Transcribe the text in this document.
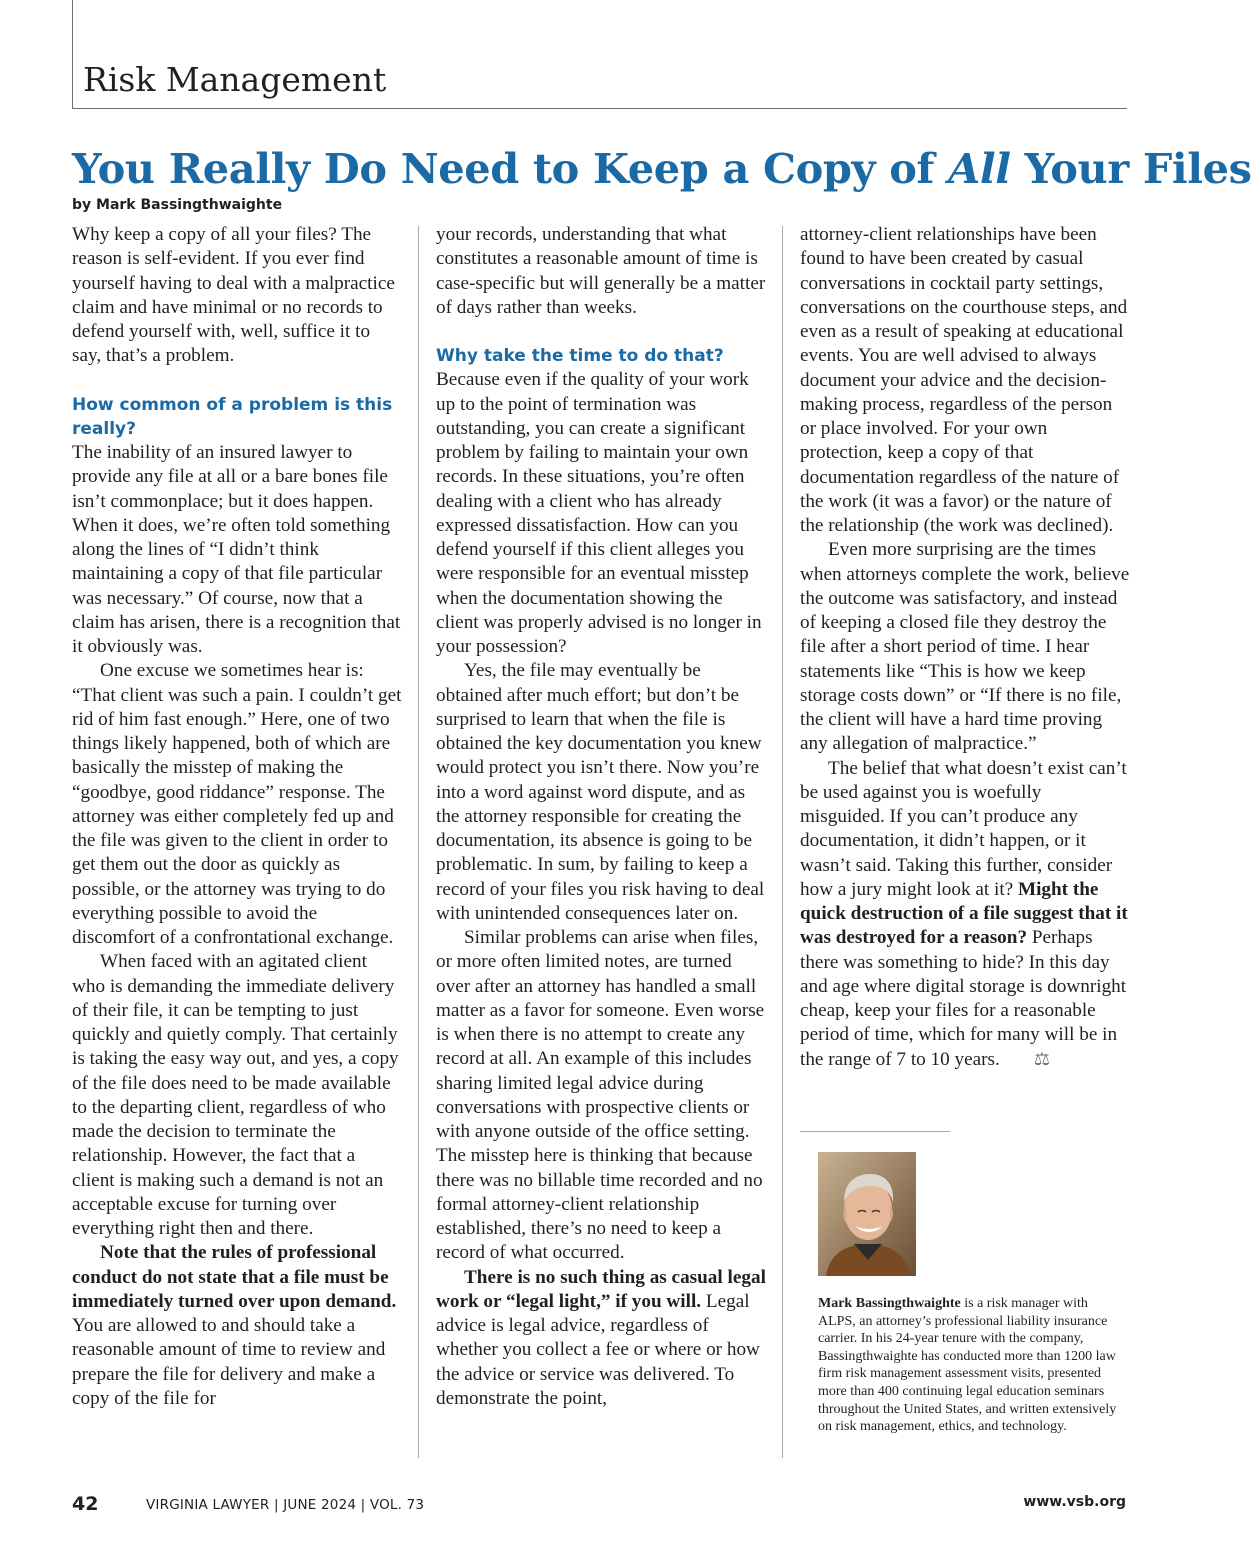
Risk Management
You Really Do Need to Keep a Copy of All Your Files
by Mark Bassingthwaighte

Why keep a copy of all your files? The reason is self-evident. If you ever find yourself having to deal with a malpractice claim and have minimal or no records to defend yourself with, well, suffice it to say, that’s a problem.

How common of a problem is this really?

The inability of an insured lawyer to provide any file at all or a bare bones file isn’t commonplace; but it does happen. When it does, we’re often told something along the lines of “I didn’t think maintaining a copy of that file particular was necessary.” Of course, now that a claim has arisen, there is a recognition that it obviously was.

One excuse we sometimes hear is: “That client was such a pain. I couldn’t get rid of him fast enough.” Here, one of two things likely happened, both of which are basically the misstep of making the “goodbye, good riddance” response. The attorney was either completely fed up and the file was given to the client in order to get them out the door as quickly as possible, or the attorney was trying to do everything possible to avoid the discomfort of a confrontational exchange.

When faced with an agitated client who is demanding the immediate delivery of their file, it can be tempting to just quickly and quietly comply. That certainly is taking the easy way out, and yes, a copy of the file does need to be made available to the departing client, regardless of who made the decision to terminate the relationship. However, the fact that a client is making such a demand is not an acceptable excuse for turning over everything right then and there.

Note that the rules of professional conduct do not state that a file must be immediately turned over upon demand. You are allowed to and should take a reasonable amount of time to review and prepare the file for delivery and make a copy of the file for

your records, understanding that what constitutes a reasonable amount of time is case-specific but will generally be a matter of days rather than weeks.

Why take the time to do that?

Because even if the quality of your work up to the point of termination was outstanding, you can create a significant problem by failing to maintain your own records. In these situations, you’re often dealing with a client who has already expressed dissatisfaction. How can you defend yourself if this client alleges you were responsible for an eventual misstep when the documentation showing the client was properly advised is no longer in your possession?

Yes, the file may eventually be obtained after much effort; but don’t be surprised to learn that when the file is obtained the key documentation you knew would protect you isn’t there. Now you’re into a word against word dispute, and as the attorney responsible for creating the documentation, its absence is going to be problematic. In sum, by failing to keep a record of your files you risk having to deal with unintended consequences later on.

Similar problems can arise when files, or more often limited notes, are turned over after an attorney has handled a small matter as a favor for someone. Even worse is when there is no attempt to create any record at all. An example of this includes sharing limited legal advice during conversations with prospective clients or with anyone outside of the office setting. The misstep here is thinking that because there was no billable time recorded and no formal attorney-client relationship established, there’s no need to keep a record of what occurred.

There is no such thing as casual legal work or “legal light,” if you will. Legal advice is legal advice, regardless of whether you collect a fee or where or how the advice or service was delivered. To demonstrate the point,

attorney-client relationships have been found to have been created by casual conversations in cocktail party settings, conversations on the courthouse steps, and even as a result of speaking at educational events. You are well advised to always document your advice and the decision-making process, regardless of the person or place involved. For your own protection, keep a copy of that documentation regardless of the nature of the work (it was a favor) or the nature of the relationship (the work was declined).

Even more surprising are the times when attorneys complete the work, believe the outcome was satisfactory, and instead of keeping a closed file they destroy the file after a short period of time. I hear statements like “This is how we keep storage costs down” or “If there is no file, the client will have a hard time proving any allegation of malpractice.”

The belief that what doesn’t exist can’t be used against you is woefully misguided. If you can’t produce any documentation, it didn’t happen, or it wasn’t said. Taking this further, consider how a jury might look at it? Might the quick destruction of a file suggest that it was destroyed for a reason? Perhaps there was something to hide? In this day and age where digital storage is downright cheap, keep your files for a reasonable period of time, which for many will be in the range of 7 to 10 years. ⚖

Mark Bassingthwaighte is a risk manager with ALPS, an attorney’s professional liability insurance carrier. In his 24-year tenure with the company, Bassingthwaighte has conducted more than 1200 law firm risk management assessment visits, presented more than 400 continuing legal education seminars throughout the United States, and written extensively on risk management, ethics, and technology.
42	VIRGINIA LAWYER | JUNE 2024 | VOL. 73	www.vsb.org
